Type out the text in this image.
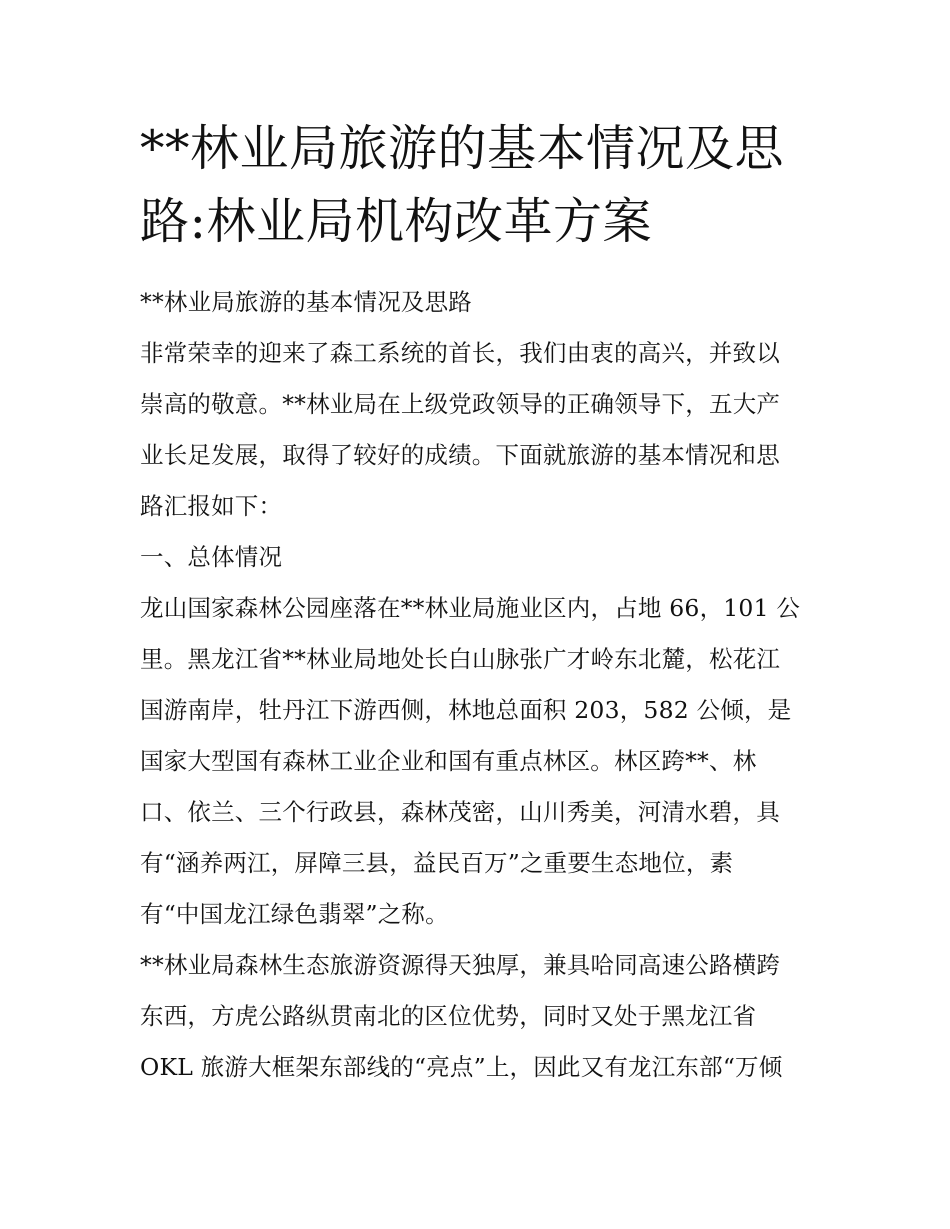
**林业局旅游的基本情况及思
路:林业局机构改革方案
**林业局旅游的基本情况及思路
非常荣幸的迎来了森工系统的首长，我们由衷的高兴，并致以
崇高的敬意。**林业局在上级党政领导的正确领导下，五大产
业长足发展，取得了较好的成绩。下面就旅游的基本情况和思
路汇报如下：
一、总体情况
龙山国家森林公园座落在**林业局施业区内，占地 66，101 公
里。黑龙江省**林业局地处长白山脉张广才岭东北麓，松花江
国游南岸，牡丹江下游西侧，林地总面积 203，582 公倾，是
国家大型国有森林工业企业和国有重点林区。林区跨**、林
口、依兰、三个行政县，森林茂密，山川秀美，河清水碧，具
有“涵养两江，屏障三县，益民百万”之重要生态地位，素
有“中国龙江绿色翡翠”之称。
**林业局森林生态旅游资源得天独厚，兼具哈同高速公路横跨
东西，方虎公路纵贯南北的区位优势，同时又处于黑龙江省
OKL 旅游大框架东部线的“亮点”上，因此又有龙江东部“万倾
